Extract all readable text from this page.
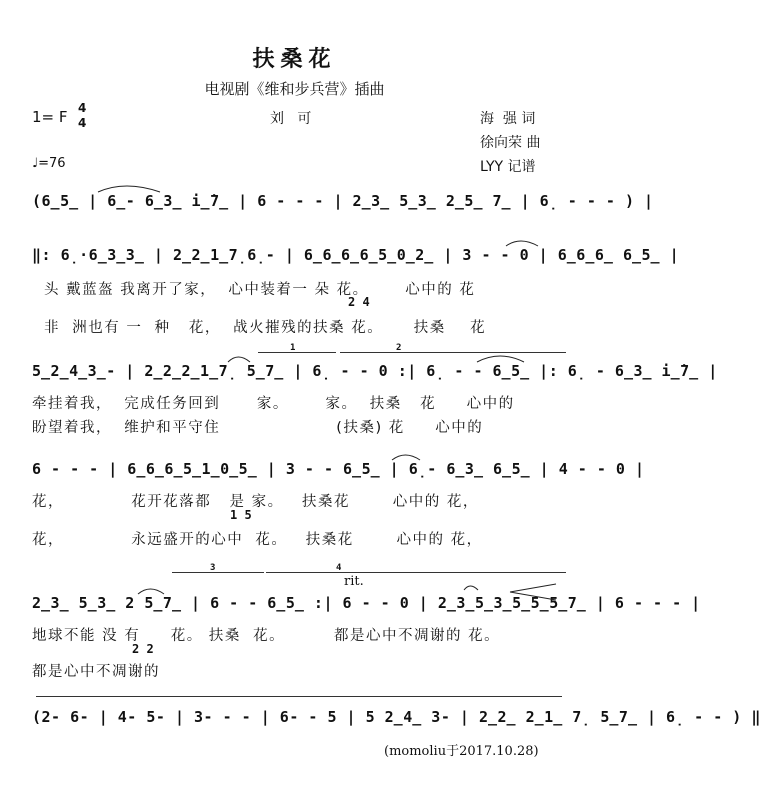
扶桑花
电视剧《维和步兵营》插曲
1= F 4
4	刘   可	海  强 词
徐向荣 曲
LYY 记谱
♩=76
(6̲5̲ | 6̲- 6̲3̲ i̲̇7̲ | 6 - - - | 2̲3̲ 5̲3̲ 2̲5̲ 7̲ | 6̣ - - - ) |
‖: 6̣·6̲3̲3̲ | 2̲2̲1̲7̣6̣- | 6̲6̲6̲6̲5̲0̲2̲ | 3 - - 0 | 6̲6̲6̲ 6̲5̲ |
头 戴蓝盔 我离开了家，  心中装着一 朵 花。      心中的 花
2 4
非  洲也有 一  种   花，  战火摧残的扶桑 花。     扶桑    花
1	2
5̲2̲4̲3̲- | 2̲2̲2̲1̲7̣ 5̲7̲ | 6̣ - - 0 :| 6̣ - - 6̲5̲ |: 6̣ - 6̲3̲ i̲̇7̲ |
牵挂着我，  完成任务回到      家。      家。  扶桑   花     心中的
盼望着我，  维护和平守住                   (扶桑) 花     心中的
6 - - - | 6̲6̲6̲5̲1̲0̲5̲ | 3 - - 6̲5̲ | 6̣- 6̲3̲ 6̲5̲ | 4 - - 0 |
花，           花开花落都   是 家。   扶桑花       心中的 花，
1 5
花，           永远盛开的心中  花。   扶桑花       心中的 花，
3	4
rit.
2̲3̲ 5̲3̲ 2 5̲7̲ | 6 - - 6̲5̲ :| 6 - - 0 | 2̲3̲5̲3̲5̲5̲5̲7̲ | 6 - - - |
地球不能 没 有     花。 扶桑  花。        都是心中不凋谢的 花。
2 2
都是心中不凋谢的
(2- 6- | 4- 5- | 3- - - | 6- - 5 | 5 2̲4̲ 3- | 2̲2̲ 2̲1̲ 7̣ 5̲7̲ | 6̣ - - ) ‖
(momoliu于2017.10.28)
